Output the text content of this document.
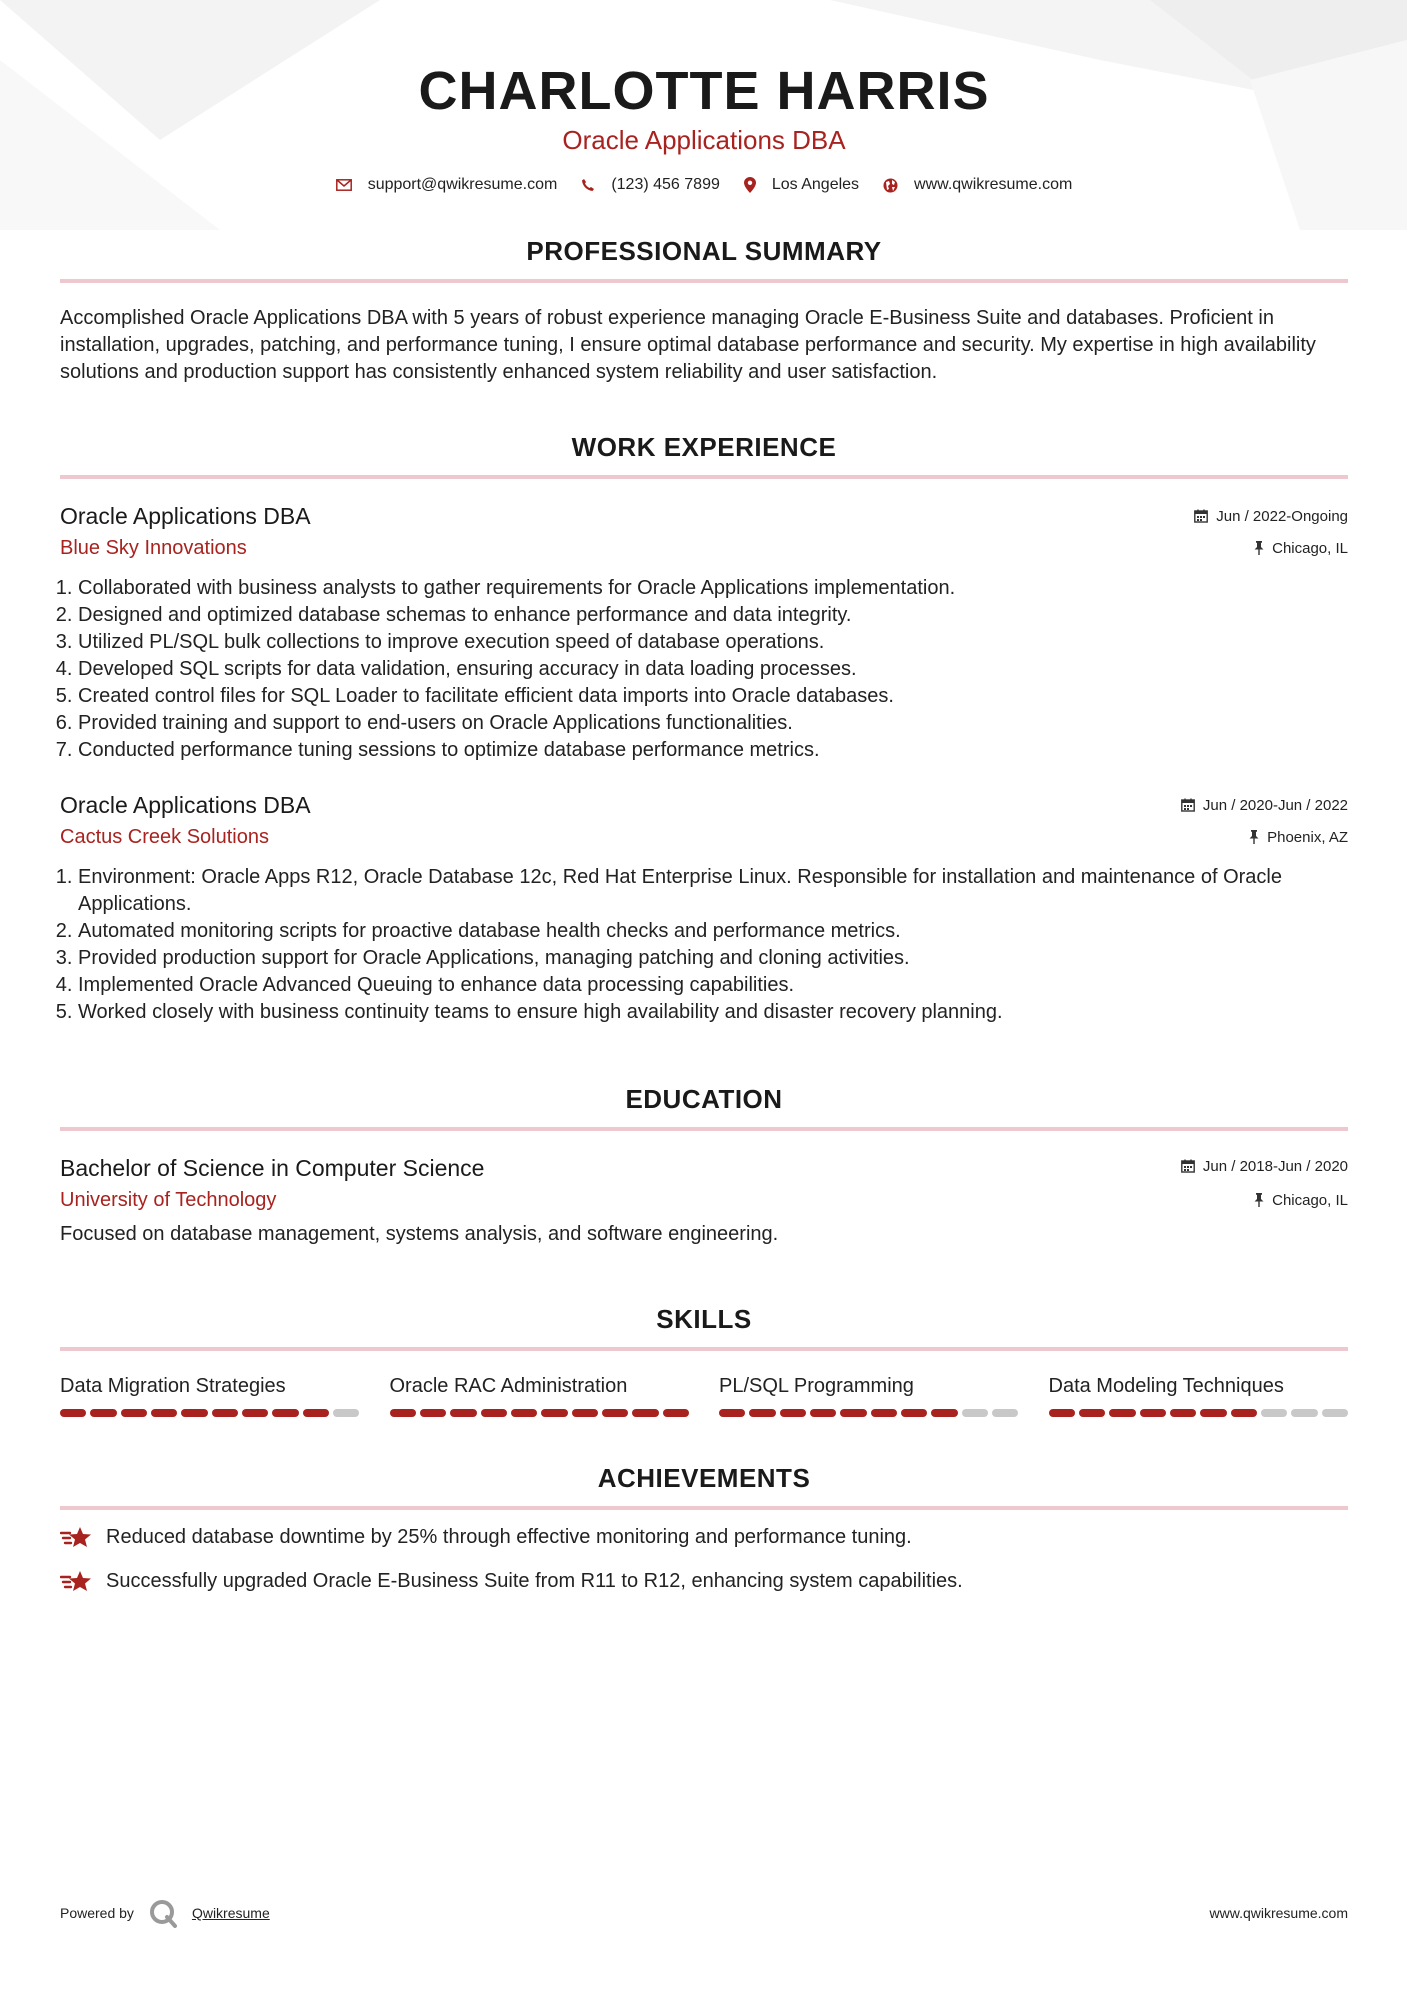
CHARLOTTE HARRIS
Oracle Applications DBA
support@qwikresume.com	(123) 456 7899	Los Angeles	www.qwikresume.com
PROFESSIONAL SUMMARY

Accomplished Oracle Applications DBA with 5 years of robust experience managing Oracle E-Business Suite and databases. Proficient in installation, upgrades, patching, and performance tuning, I ensure optimal database performance and security. My expertise in high availability solutions and production support has consistently enhanced system reliability and user satisfaction.

WORK EXPERIENCE
Oracle Applications DBA	Jun / 2022-Ongoing
Blue Sky Innovations	Chicago, IL
1. Collaborated with business analysts to gather requirements for Oracle Applications implementation.
2. Designed and optimized database schemas to enhance performance and data integrity.
3. Utilized PL/SQL bulk collections to improve execution speed of database operations.
4. Developed SQL scripts for data validation, ensuring accuracy in data loading processes.
5. Created control files for SQL Loader to facilitate efficient data imports into Oracle databases.
6. Provided training and support to end-users on Oracle Applications functionalities.
7. Conducted performance tuning sessions to optimize database performance metrics.
Oracle Applications DBA	Jun / 2020-Jun / 2022
Cactus Creek Solutions	Phoenix, AZ
1. Environment: Oracle Apps R12, Oracle Database 12c, Red Hat Enterprise Linux. Responsible for installation and maintenance of Oracle Applications.
2. Automated monitoring scripts for proactive database health checks and performance metrics.
3. Provided production support for Oracle Applications, managing patching and cloning activities.
4. Implemented Oracle Advanced Queuing to enhance data processing capabilities.
5. Worked closely with business continuity teams to ensure high availability and disaster recovery planning.
EDUCATION
Bachelor of Science in Computer Science	Jun / 2018-Jun / 2020
University of Technology	Chicago, IL

Focused on database management, systems analysis, and software engineering.

SKILLS
Data Migration Strategies	Oracle RAC Administration	PL/SQL Programming	Data Modeling Techniques
ACHIEVEMENTS
Reduced database downtime by 25% through effective monitoring and performance tuning.
Successfully upgraded Oracle E-Business Suite from R11 to R12, enhancing system capabilities.
Powered by	Qwikresume	www.qwikresume.com
